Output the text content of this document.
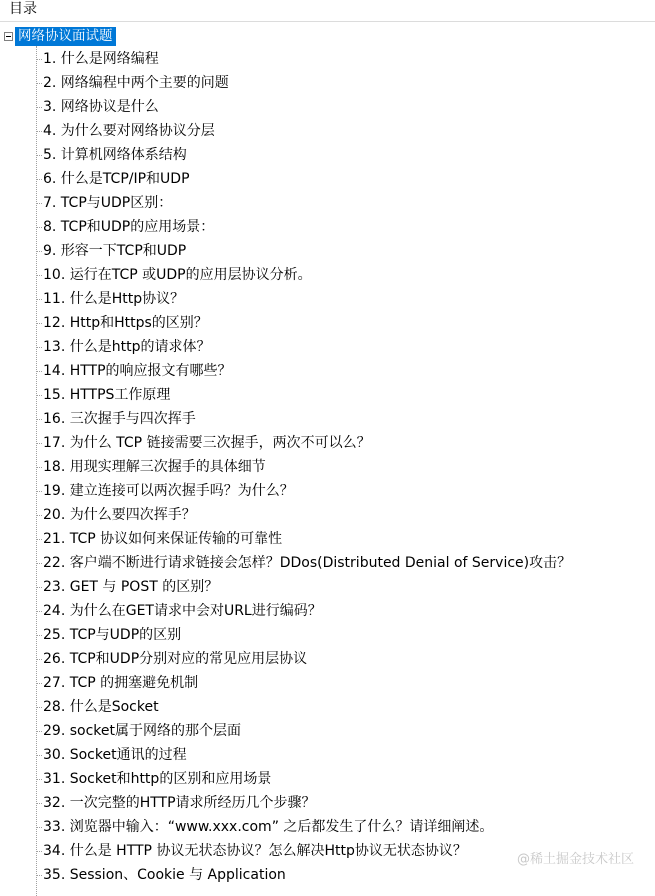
目录
网络协议面试题
1. 什么是网络编程
2. 网络编程中两个主要的问题
3. 网络协议是什么
4. 为什么要对网络协议分层
5. 计算机网络体系结构
6. 什么是TCP/IP和UDP
7. TCP与UDP区别：
8. TCP和UDP的应用场景：
9. 形容一下TCP和UDP
10. 运行在TCP 或UDP的应用层协议分析。
11. 什么是Http协议？
12. Http和Https的区别？
13. 什么是http的请求体？
14. HTTP的响应报文有哪些？
15. HTTPS工作原理
16. 三次握手与四次挥手
17. 为什么 TCP 链接需要三次握手，两次不可以么？
18. 用现实理解三次握手的具体细节
19. 建立连接可以两次握手吗？为什么？
20. 为什么要四次挥手？
21. TCP 协议如何来保证传输的可靠性
22. 客户端不断进行请求链接会怎样？DDos(Distributed Denial of Service)攻击？
23. GET 与 POST 的区别？
24. 为什么在GET请求中会对URL进行编码？
25. TCP与UDP的区别
26. TCP和UDP分别对应的常见应用层协议
27. TCP 的拥塞避免机制
28. 什么是Socket
29. socket属于网络的那个层面
30. Socket通讯的过程
31. Socket和http的区别和应用场景
32. 一次完整的HTTP请求所经历几个步骤？
33. 浏览器中输入：“www.xxx.com” 之后都发生了什么？请详细阐述。
34. 什么是 HTTP 协议无状态协议？怎么解决Http协议无状态协议？
35. Session、Cookie 与 Application
@稀土掘金技术社区
